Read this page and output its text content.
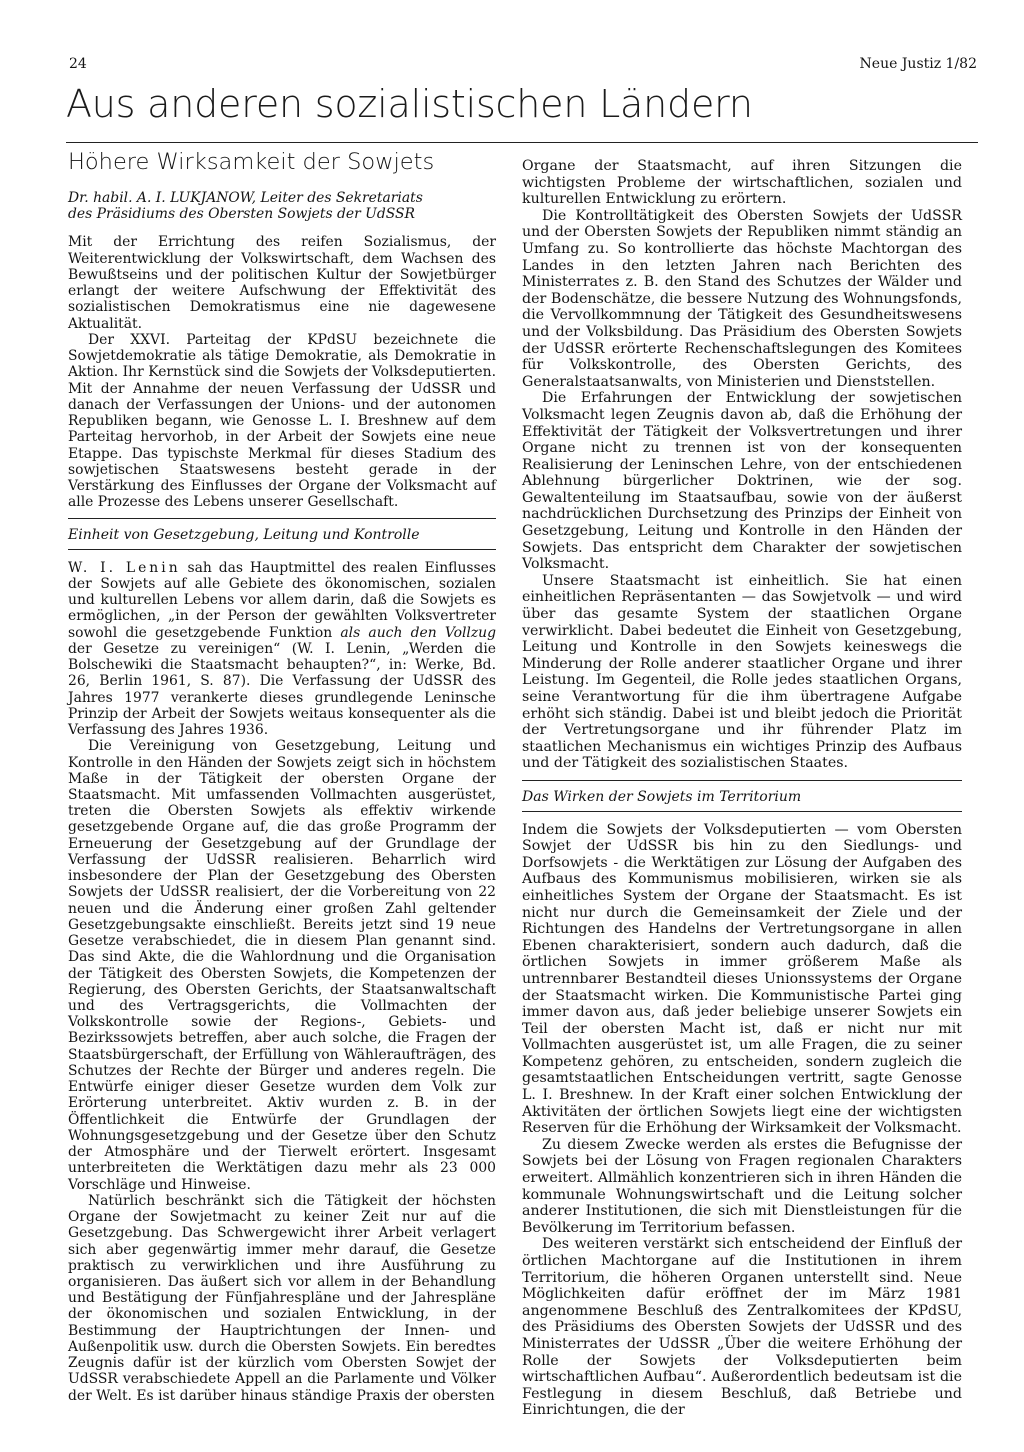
24	Neue Justiz 1/82
Aus anderen sozialistischen Ländern
Höhere Wirksamkeit der Sowjets
Dr. habil. A. I. LUKJANOW, Leiter des Sekretariats
des Präsidiums des Obersten Sowjets der UdSSR

Mit der Errichtung des reifen Sozialismus, der Weiterentwicklung der Volkswirtschaft, dem Wachsen des Bewußtseins und der politischen Kultur der Sowjetbürger erlangt der weitere Aufschwung der Effektivität des sozialistischen Demokratismus eine nie dagewesene Aktualität.

Der XXVI. Parteitag der KPdSU bezeichnete die Sowjetdemokratie als tätige Demokratie, als Demokratie in Aktion. Ihr Kernstück sind die Sowjets der Volksdeputierten. Mit der Annahme der neuen Verfassung der UdSSR und danach der Verfassungen der Unions- und der autonomen Republiken begann, wie Genosse L. I. Breshnew auf dem Parteitag hervorhob, in der Arbeit der Sowjets eine neue Etappe. Das typischste Merkmal für dieses Stadium des sowjetischen Staatswesens besteht gerade in der Verstärkung des Einflusses der Organe der Volksmacht auf alle Prozesse des Lebens unserer Gesellschaft.

Einheit von Gesetzgebung, Leitung und Kontrolle

W. I. Lenin sah das Hauptmittel des realen Einflusses der Sowjets auf alle Gebiete des ökonomischen, sozialen und kulturellen Lebens vor allem darin, daß die Sowjets es ermöglichen, „in der Person der gewählten Volksvertreter sowohl die gesetzgebende Funktion als auch den Vollzug der Gesetze zu vereinigen“ (W. I. Lenin, „Werden die Bolschewiki die Staatsmacht behaupten?“, in: Werke, Bd. 26, Berlin 1961, S. 87). Die Verfassung der UdSSR des Jahres 1977 verankerte dieses grundlegende Leninsche Prinzip der Arbeit der Sowjets weitaus konsequenter als die Verfassung des Jahres 1936.

Die Vereinigung von Gesetzgebung, Leitung und Kontrolle in den Händen der Sowjets zeigt sich in höchstem Maße in der Tätigkeit der obersten Organe der Staatsmacht. Mit umfassenden Vollmachten ausgerüstet, treten die Obersten Sowjets als effektiv wirkende gesetzgebende Organe auf, die das große Programm der Erneuerung der Gesetzgebung auf der Grundlage der Verfassung der UdSSR realisieren. Beharrlich wird insbesondere der Plan der Gesetzgebung des Obersten Sowjets der UdSSR realisiert, der die Vorbereitung von 22 neuen und die Änderung einer großen Zahl geltender Gesetzgebungsakte einschließt. Bereits jetzt sind 19 neue Gesetze verabschiedet, die in diesem Plan genannt sind. Das sind Akte, die die Wahlordnung und die Organisation der Tätigkeit des Obersten Sowjets, die Kompetenzen der Regierung, des Obersten Gerichts, der Staatsanwaltschaft und des Vertragsgerichts, die Vollmachten der Volkskontrolle sowie der Regions-, Gebiets- und Bezirkssowjets betreffen, aber auch solche, die Fragen der Staatsbürgerschaft, der Erfüllung von Wähleraufträgen, des Schutzes der Rechte der Bürger und anderes regeln. Die Entwürfe einiger dieser Gesetze wurden dem Volk zur Erörterung unterbreitet. Aktiv wurden z. B. in der Öffentlichkeit die Entwürfe der Grundlagen der Wohnungsgesetzgebung und der Gesetze über den Schutz der Atmosphäre und der Tierwelt erörtert. Insgesamt unterbreiteten die Werktätigen dazu mehr als 23 000 Vorschläge und Hinweise.

Natürlich beschränkt sich die Tätigkeit der höchsten Organe der Sowjetmacht zu keiner Zeit nur auf die Gesetzgebung. Das Schwergewicht ihrer Arbeit verlagert sich aber gegenwärtig immer mehr darauf, die Gesetze praktisch zu verwirklichen und ihre Ausführung zu organisieren. Das äußert sich vor allem in der Behandlung und Bestätigung der Fünfjahrespläne und der Jahrespläne der ökonomischen und sozialen Entwicklung, in der Bestimmung der Hauptrichtungen der Innen- und Außenpolitik usw. durch die Obersten Sowjets. Ein beredtes Zeugnis dafür ist der kürzlich vom Obersten Sowjet der UdSSR verabschiedete Appell an die Parlamente und Völker der Welt. Es ist darüber hinaus ständige Praxis der obersten

Organe der Staatsmacht, auf ihren Sitzungen die wichtigsten Probleme der wirtschaftlichen, sozialen und kulturellen Entwicklung zu erörtern.

Die Kontrolltätigkeit des Obersten Sowjets der UdSSR und der Obersten Sowjets der Republiken nimmt ständig an Umfang zu. So kontrollierte das höchste Machtorgan des Landes in den letzten Jahren nach Berichten des Ministerrates z. B. den Stand des Schutzes der Wälder und der Bodenschätze, die bessere Nutzung des Wohnungsfonds, die Vervollkommnung der Tätigkeit des Gesundheitswesens und der Volksbildung. Das Präsidium des Obersten Sowjets der UdSSR erörterte Rechenschaftslegungen des Komitees für Volkskontrolle, des Obersten Gerichts, des Generalstaatsanwalts, von Ministerien und Dienststellen.

Die Erfahrungen der Entwicklung der sowjetischen Volksmacht legen Zeugnis davon ab, daß die Erhöhung der Effektivität der Tätigkeit der Volksvertretungen und ihrer Organe nicht zu trennen ist von der konsequenten Realisierung der Leninschen Lehre, von der entschiedenen Ablehnung bürgerlicher Doktrinen, wie der sog. Gewaltenteilung im Staatsaufbau, sowie von der äußerst nachdrücklichen Durchsetzung des Prinzips der Einheit von Gesetzgebung, Leitung und Kontrolle in den Händen der Sowjets. Das entspricht dem Charakter der sowjetischen Volksmacht.

Unsere Staatsmacht ist einheitlich. Sie hat einen einheitlichen Repräsentanten — das Sowjetvolk — und wird über das gesamte System der staatlichen Organe verwirklicht. Dabei bedeutet die Einheit von Gesetzgebung, Leitung und Kontrolle in den Sowjets keineswegs die Minderung der Rolle anderer staatlicher Organe und ihrer Leistung. Im Gegenteil, die Rolle jedes staatlichen Organs, seine Verantwortung für die ihm übertragene Aufgabe erhöht sich ständig. Dabei ist und bleibt jedoch die Priorität der Vertretungsorgane und ihr führender Platz im staatlichen Mechanismus ein wichtiges Prinzip des Aufbaus und der Tätigkeit des sozialistischen Staates.

Das Wirken der Sowjets im Territorium

Indem die Sowjets der Volksdeputierten — vom Obersten Sowjet der UdSSR bis hin zu den Siedlungs- und Dorfsowjets - die Werktätigen zur Lösung der Aufgaben des Aufbaus des Kommunismus mobilisieren, wirken sie als einheitliches System der Organe der Staatsmacht. Es ist nicht nur durch die Gemeinsamkeit der Ziele und der Richtungen des Handelns der Vertretungsorgane in allen Ebenen charakterisiert, sondern auch dadurch, daß die örtlichen Sowjets in immer größerem Maße als untrennbarer Bestandteil dieses Unionssystems der Organe der Staatsmacht wirken. Die Kommunistische Partei ging immer davon aus, daß jeder beliebige unserer Sowjets ein Teil der obersten Macht ist, daß er nicht nur mit Vollmachten ausgerüstet ist, um alle Fragen, die zu seiner Kompetenz gehören, zu entscheiden, sondern zugleich die gesamtstaatlichen Entscheidungen vertritt, sagte Genosse L. I. Breshnew. In der Kraft einer solchen Entwicklung der Aktivitäten der örtlichen Sowjets liegt eine der wichtigsten Reserven für die Erhöhung der Wirksamkeit der Volksmacht.

Zu diesem Zwecke werden als erstes die Befugnisse der Sowjets bei der Lösung von Fragen regionalen Charakters erweitert. Allmählich konzentrieren sich in ihren Händen die kommunale Wohnungswirtschaft und die Leitung solcher anderer Institutionen, die sich mit Dienstleistungen für die Bevölkerung im Territorium befassen.

Des weiteren verstärkt sich entscheidend der Einfluß der örtlichen Machtorgane auf die Institutionen in ihrem Territorium, die höheren Organen unterstellt sind. Neue Möglichkeiten dafür eröffnet der im März 1981 angenommene Beschluß des Zentralkomitees der KPdSU, des Präsidiums des Obersten Sowjets der UdSSR und des Ministerrates der UdSSR „Über die weitere Erhöhung der Rolle der Sowjets der Volksdeputierten beim wirtschaftlichen Aufbau“. Außerordentlich bedeutsam ist die Festlegung in diesem Beschluß, daß Betriebe und Einrichtungen, die der
